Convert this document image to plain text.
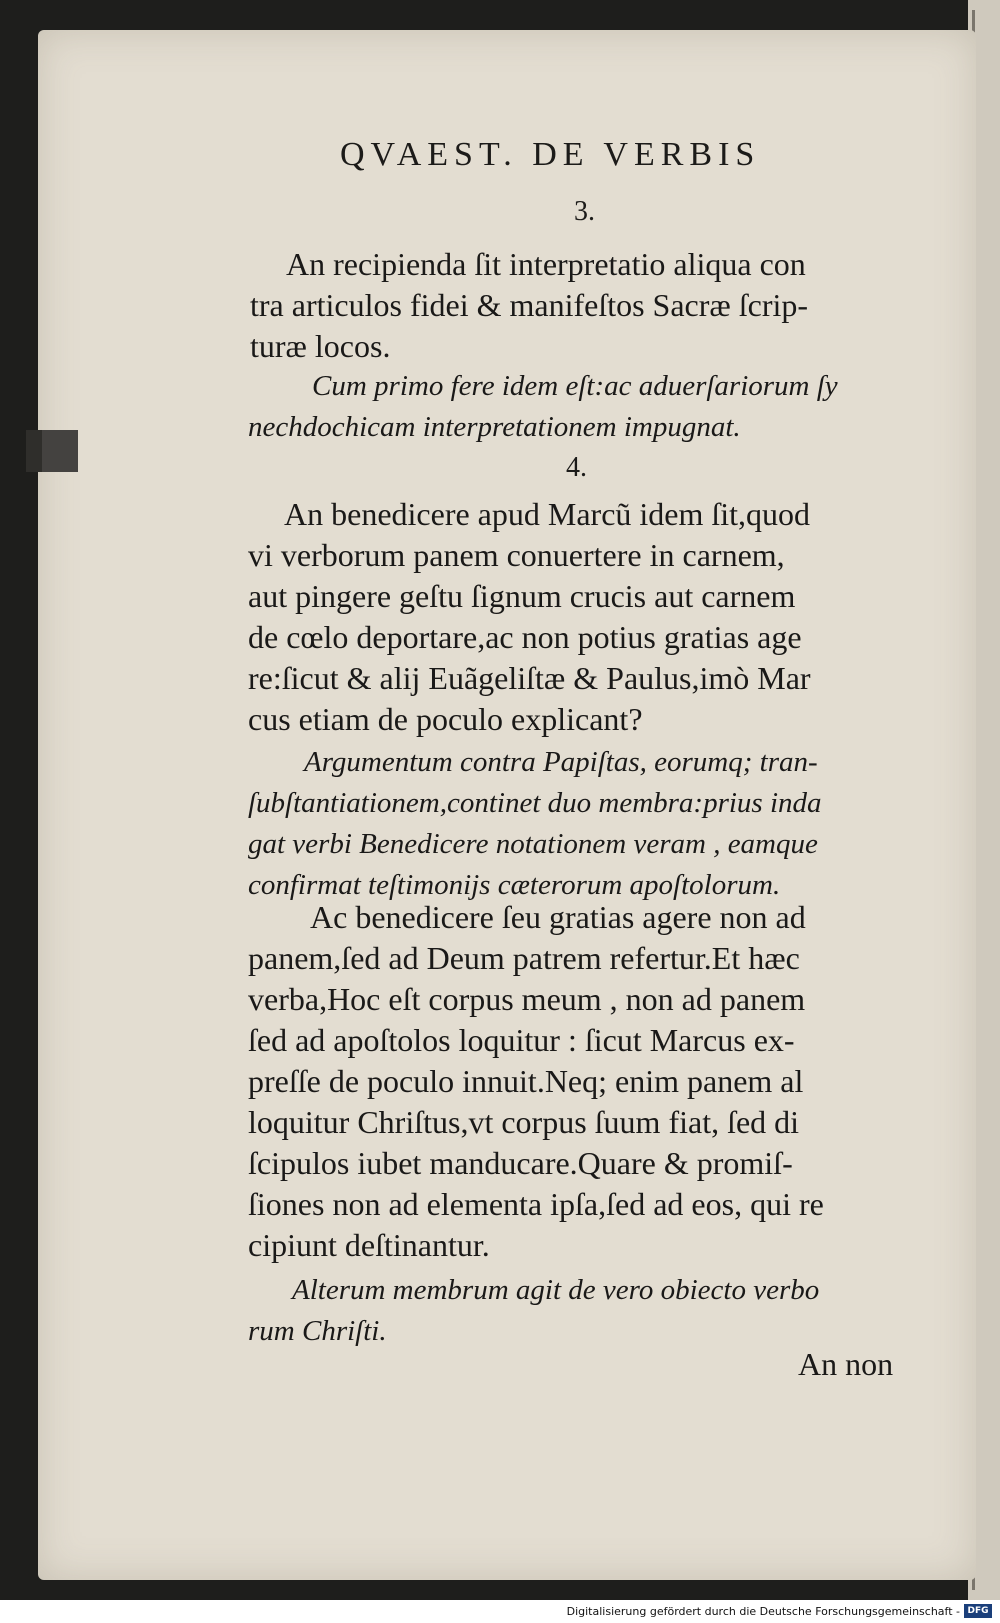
QVAEST. DE VERBIS
3.
An recipienda ſit interpretatio aliqua con
tra articulos fidei & manifeſtos Sacræ ſcrip-
turæ locos.
Cum primo fere idem eſt:ac aduerſariorum ſy
nechdochicam interpretationem impugnat.
4.
An benedicere apud Marcũ idem ſit,quod
vi verborum panem conuertere in carnem,
aut pingere geſtu ſignum crucis aut carnem
de cœlo deportare,ac non potius gratias age
re:ſicut & alij Euãgeliſtæ & Paulus,imò Mar
cus etiam de poculo explicant?
Argumentum contra Papiſtas, eorumq; tran-
ſubſtantiationem,continet duo membra:prius inda
gat verbi Benedicere notationem veram , eamque
confirmat teſtimonijs cæterorum apoſtolorum.
Ac benedicere ſeu gratias agere non ad
panem,ſed ad Deum patrem refertur.Et hæc
verba,Hoc eſt corpus meum , non ad panem
ſed ad apoſtolos loquitur : ſicut Marcus ex-
preſſe de poculo innuit.Neq; enim panem al
loquitur Chriſtus,vt corpus ſuum fiat, ſed di
ſcipulos iubet manducare.Quare & promiſ-
ſiones non ad elementa ipſa,ſed ad eos, qui re
cipiunt deſtinantur.
Alterum membrum agit de vero obiecto verbo
rum Chriſti.
An non
Digitalisierung gefördert durch die Deutsche Forschungsgemeinschaft - DFG
